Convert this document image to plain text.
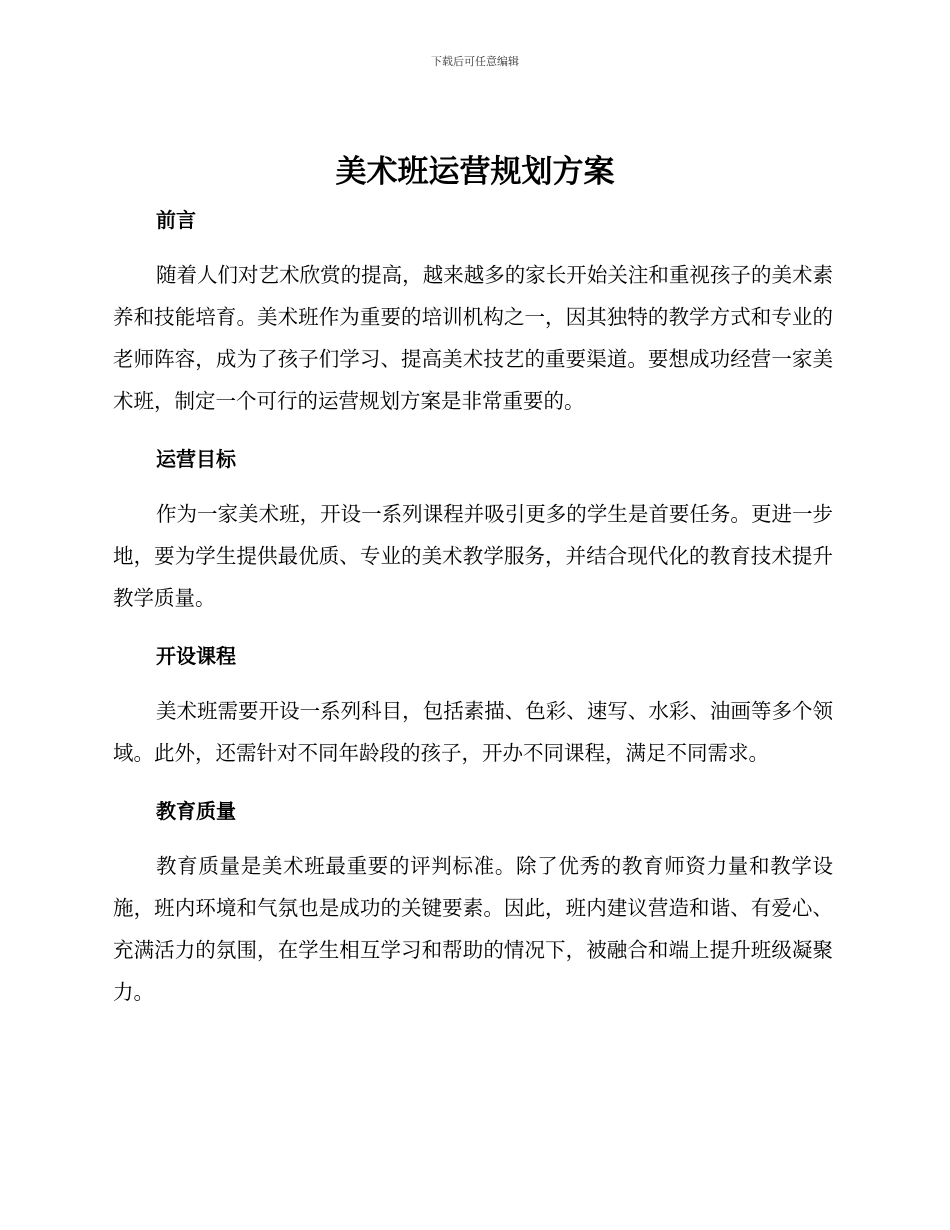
下载后可任意编辑
美术班运营规划方案
前言

随着人们对艺术欣赏的提高，越来越多的家长开始关注和重视孩子的美术素养和技能培育。美术班作为重要的培训机构之一，因其独特的教学方式和专业的老师阵容，成为了孩子们学习、提高美术技艺的重要渠道。要想成功经营一家美术班，制定一个可行的运营规划方案是非常重要的。

运营目标

作为一家美术班，开设一系列课程并吸引更多的学生是首要任务。更进一步地，要为学生提供最优质、专业的美术教学服务，并结合现代化的教育技术提升教学质量。

开设课程

美术班需要开设一系列科目，包括素描、色彩、速写、水彩、油画等多个领域。此外，还需针对不同年龄段的孩子，开办不同课程，满足不同需求。

教育质量

教育质量是美术班最重要的评判标准。除了优秀的教育师资力量和教学设施，班内环境和气氛也是成功的关键要素。因此，班内建议营造和谐、有爱心、充满活力的氛围，在学生相互学习和帮助的情况下，被融合和端上提升班级凝聚力。
